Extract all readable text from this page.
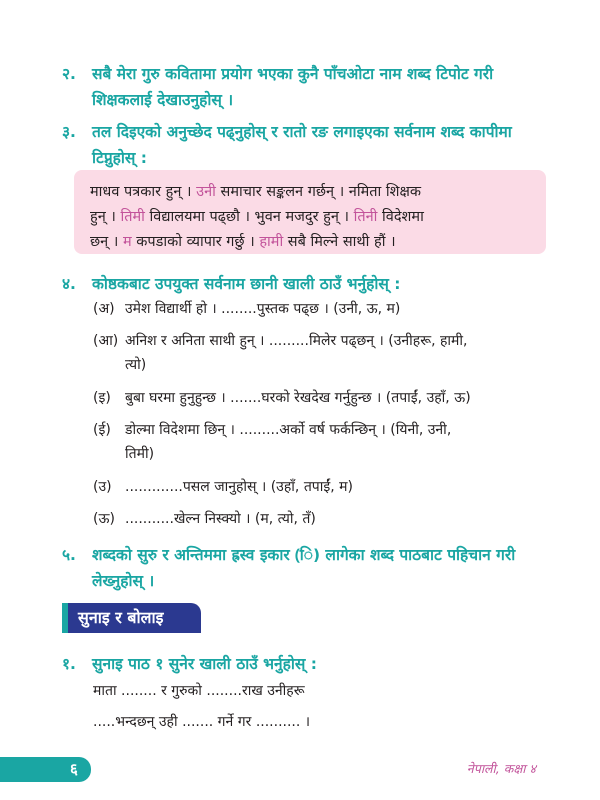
२. सबै मेरा गुरु कवितामा प्रयोग भएका कुनै पाँचओटा नाम शब्द टिपोट गरी
शिक्षकलाई देखाउनुहोस् ।
३. तल दिइएको अनुच्छेद पढ्नुहोस् र रातो रङ लगाइएका सर्वनाम शब्द कापीमा
टिप्नुहोस् :
माधव पत्रकार हुन् । उनी समाचार सङ्कलन गर्छन् । नमिता शिक्षक
हुन् । तिमी विद्यालयमा पढ्छौ । भुवन मजदुर हुन् । तिनी विदेशमा
छन् । म कपडाको व्यापार गर्छु । हामी सबै मिल्ने साथी हौं ।
४. कोष्ठकबाट उपयुक्त सर्वनाम छानी खाली ठाउँ भर्नुहोस् :
(अ) उमेश विद्यार्थी हो । ........पुस्तक पढ्छ । (उनी, ऊ, म)
(आ) अनिश र अनिता साथी हुन् । .........मिलेर पढ्छन् । (उनीहरू, हामी,
त्यो)
(इ) बुबा घरमा हुनुहुन्छ । .......घरको रेखदेख गर्नुहुन्छ । (तपाईं, उहाँ, ऊ)
(ई) डोल्मा विदेशमा छिन् । .........अर्को वर्ष फर्कन्छिन् । (यिनी, उनी,
तिमी)
(उ) .............पसल जानुहोस् । (उहाँ, तपाईं, म)
(ऊ) ...........खेल्न निस्क्यो । (म, त्यो, तँ)
५. शब्दको सुरु र अन्तिममा ह्रस्व इकार (ि) लागेका शब्द पाठबाट पहिचान गरी
लेख्नुहोस् ।
सुनाइ र बोलाइ
१. सुनाइ पाठ १ सुनेर खाली ठाउँ भर्नुहोस् :
माता ........ र गुरुको ........राख उनीहरू
.....भन्दछन् उही ....... गर्ने गर .......... ।
६	नेपाली, कक्षा ४
